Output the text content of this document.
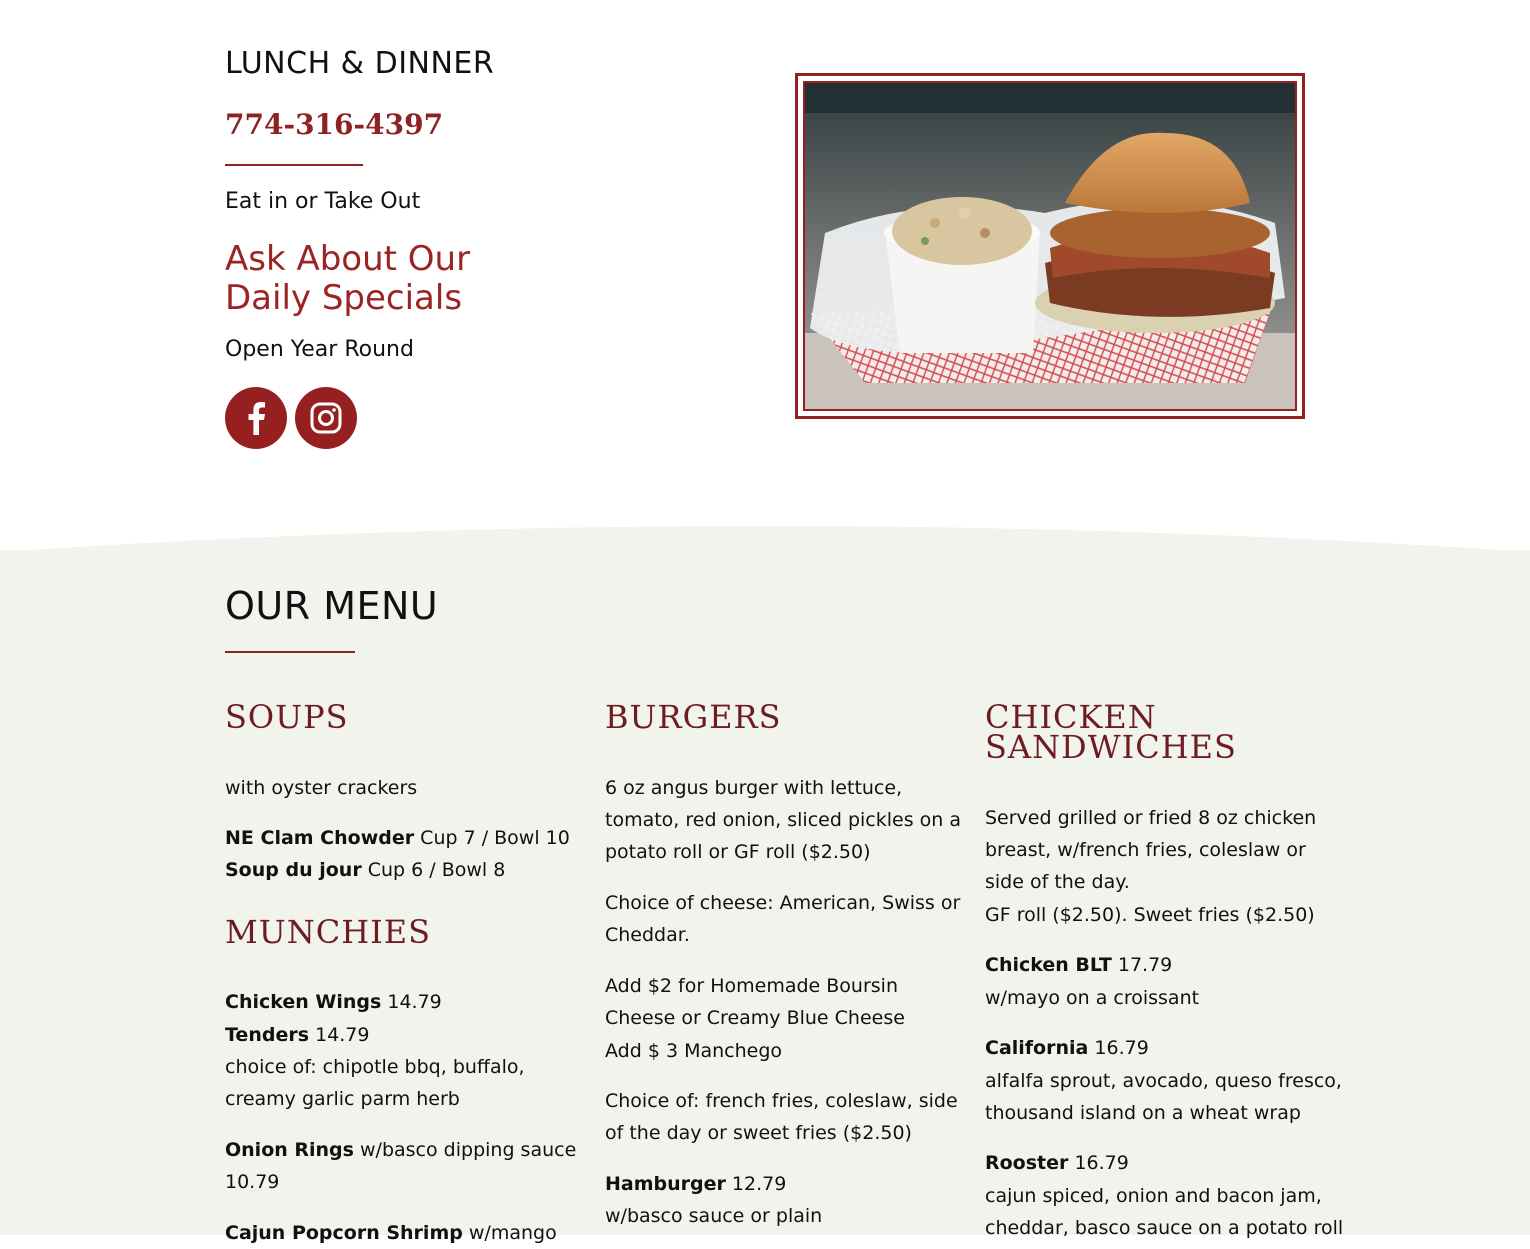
LUNCH & DINNER
774-316-4397
Eat in or Take Out
Ask About Our
Daily Specials
Open Year Round
OUR MENU
SOUPS
with oyster crackers
NE Clam Chowder Cup 7 / Bowl 10
Soup du jour Cup 6 / Bowl 8
MUNCHIES
Chicken Wings 14.79
Tenders 14.79
choice of: chipotle bbq, buffalo,
creamy garlic parm herb
Onion Rings w/basco dipping sauce
10.79
Cajun Popcorn Shrimp w/mango
BURGERS
6 oz angus burger with lettuce,
tomato, red onion, sliced pickles on a
potato roll or GF roll ($2.50)
Choice of cheese: American, Swiss or
Cheddar.
Add $2 for Homemade Boursin
Cheese or Creamy Blue Cheese
Add $ 3 Manchego
Choice of: french fries, coleslaw, side
of the day or sweet fries ($2.50)
Hamburger 12.79
w/basco sauce or plain
CHICKEN
SANDWICHES
Served grilled or fried 8 oz chicken
breast, w/french fries, coleslaw or
side of the day.
GF roll ($2.50). Sweet fries ($2.50)
Chicken BLT 17.79
w/mayo on a croissant
California 16.79
alfalfa sprout, avocado, queso fresco,
thousand island on a wheat wrap
Rooster 16.79
cajun spiced, onion and bacon jam,
cheddar, basco sauce on a potato roll
